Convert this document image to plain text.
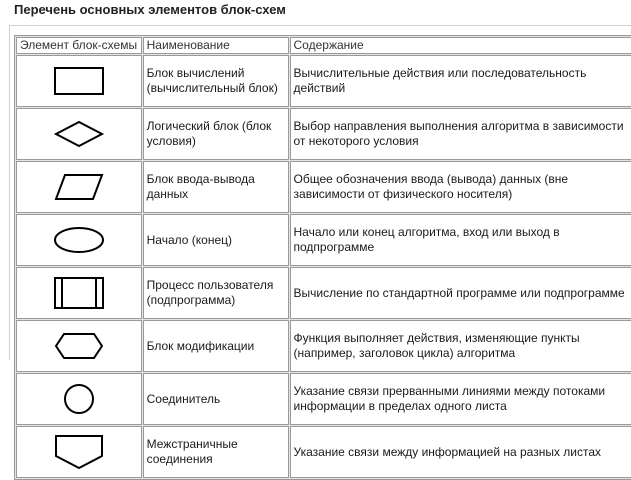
Перечень основных элементов блок-схем
Элемент блок-схемы	Наименование	Содержание

	Блок вычислений (вычислительный блок)	Вычислительные действия или последовательность действий

	Логический блок (блок условия)	Выбор направления выполнения алгоритма в зависимости от некоторого условия

	Блок ввода-вывода данных	Общее обозначения ввода (вывода) данных (вне зависимости от физического носителя)

	Начало (конец)	Начало или конец алгоритма, вход или выход в подпрограмме

	Процесс пользователя (подпрограмма)	Вычисление по стандартной программе или подпрограмме

	Блок модификации	Функция выполняет действия, изменяющие пункты (например, заголовок цикла) алгоритма

	Соединитель	Указание связи прерванными линиями между потоками информации в пределах одного листа

	Межстраничные соединения	Указание связи между информацией на разных листах
